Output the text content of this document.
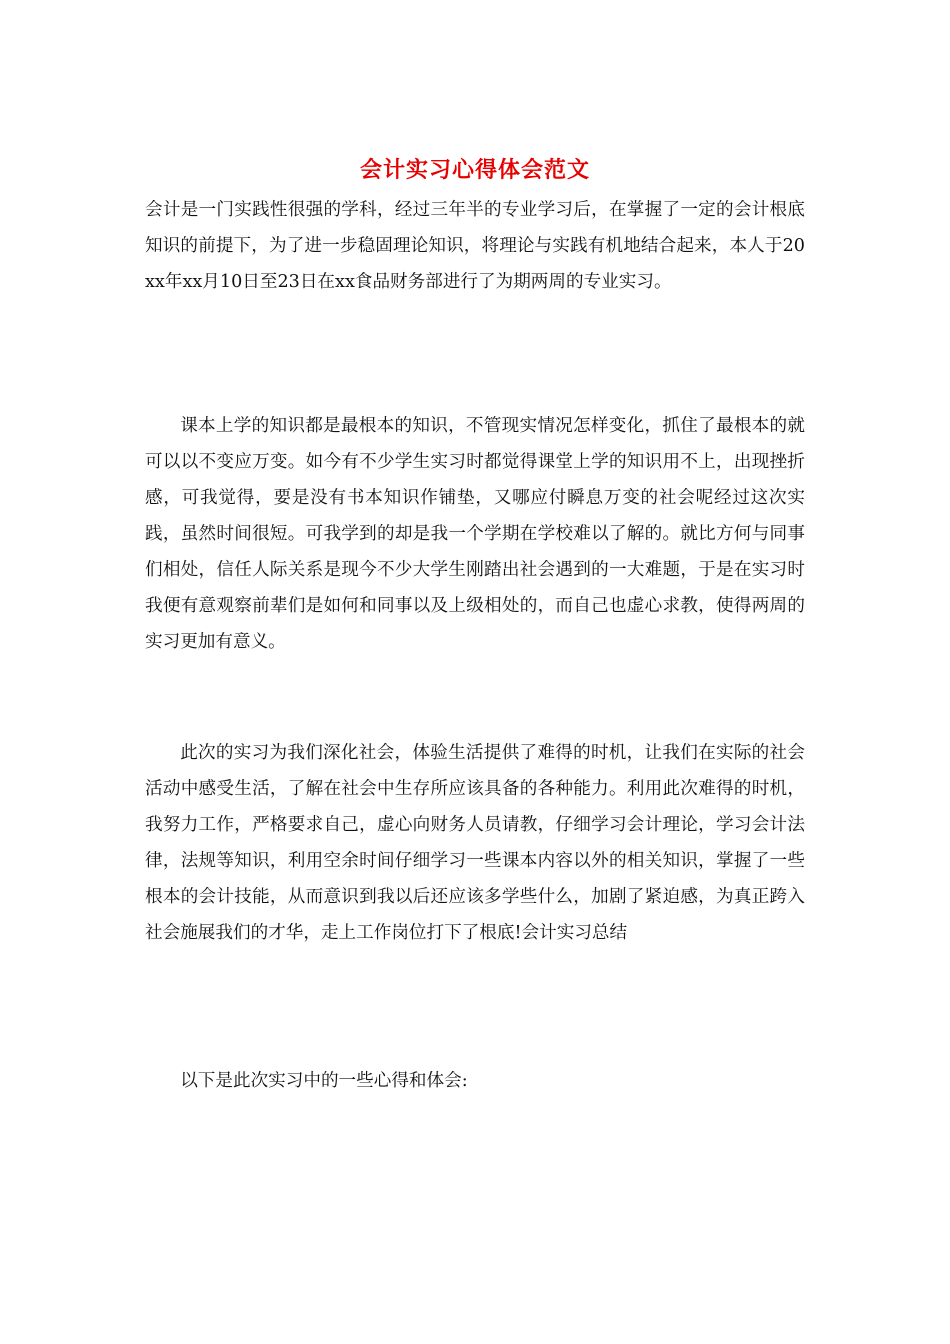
会计实习心得体会范文

会计是一门实践性很强的学科，经过三年半的专业学习后，在掌握了一定的会计根底知识的前提下，为了进一步稳固理论知识，将理论与实践有机地结合起来，本人于20xx年xx月10日至23日在xx食品财务部进行了为期两周的专业实习。

课本上学的知识都是最根本的知识，不管现实情况怎样变化，抓住了最根本的就可以以不变应万变。如今有不少学生实习时都觉得课堂上学的知识用不上，出现挫折感，可我觉得，要是没有书本知识作铺垫，又哪应付瞬息万变的社会呢经过这次实践，虽然时间很短。可我学到的却是我一个学期在学校难以了解的。就比方何与同事们相处，信任人际关系是现今不少大学生刚踏出社会遇到的一大难题，于是在实习时我便有意观察前辈们是如何和同事以及上级相处的，而自己也虚心求教，使得两周的实习更加有意义。

此次的实习为我们深化社会，体验生活提供了难得的时机，让我们在实际的社会活动中感受生活，了解在社会中生存所应该具备的各种能力。利用此次难得的时机，我努力工作，严格要求自己，虚心向财务人员请教，仔细学习会计理论，学习会计法律，法规等知识，利用空余时间仔细学习一些课本内容以外的相关知识，掌握了一些根本的会计技能，从而意识到我以后还应该多学些什么，加剧了紧迫感，为真正跨入社会施展我们的才华，走上工作岗位打下了根底!会计实习总结

以下是此次实习中的一些心得和体会:
